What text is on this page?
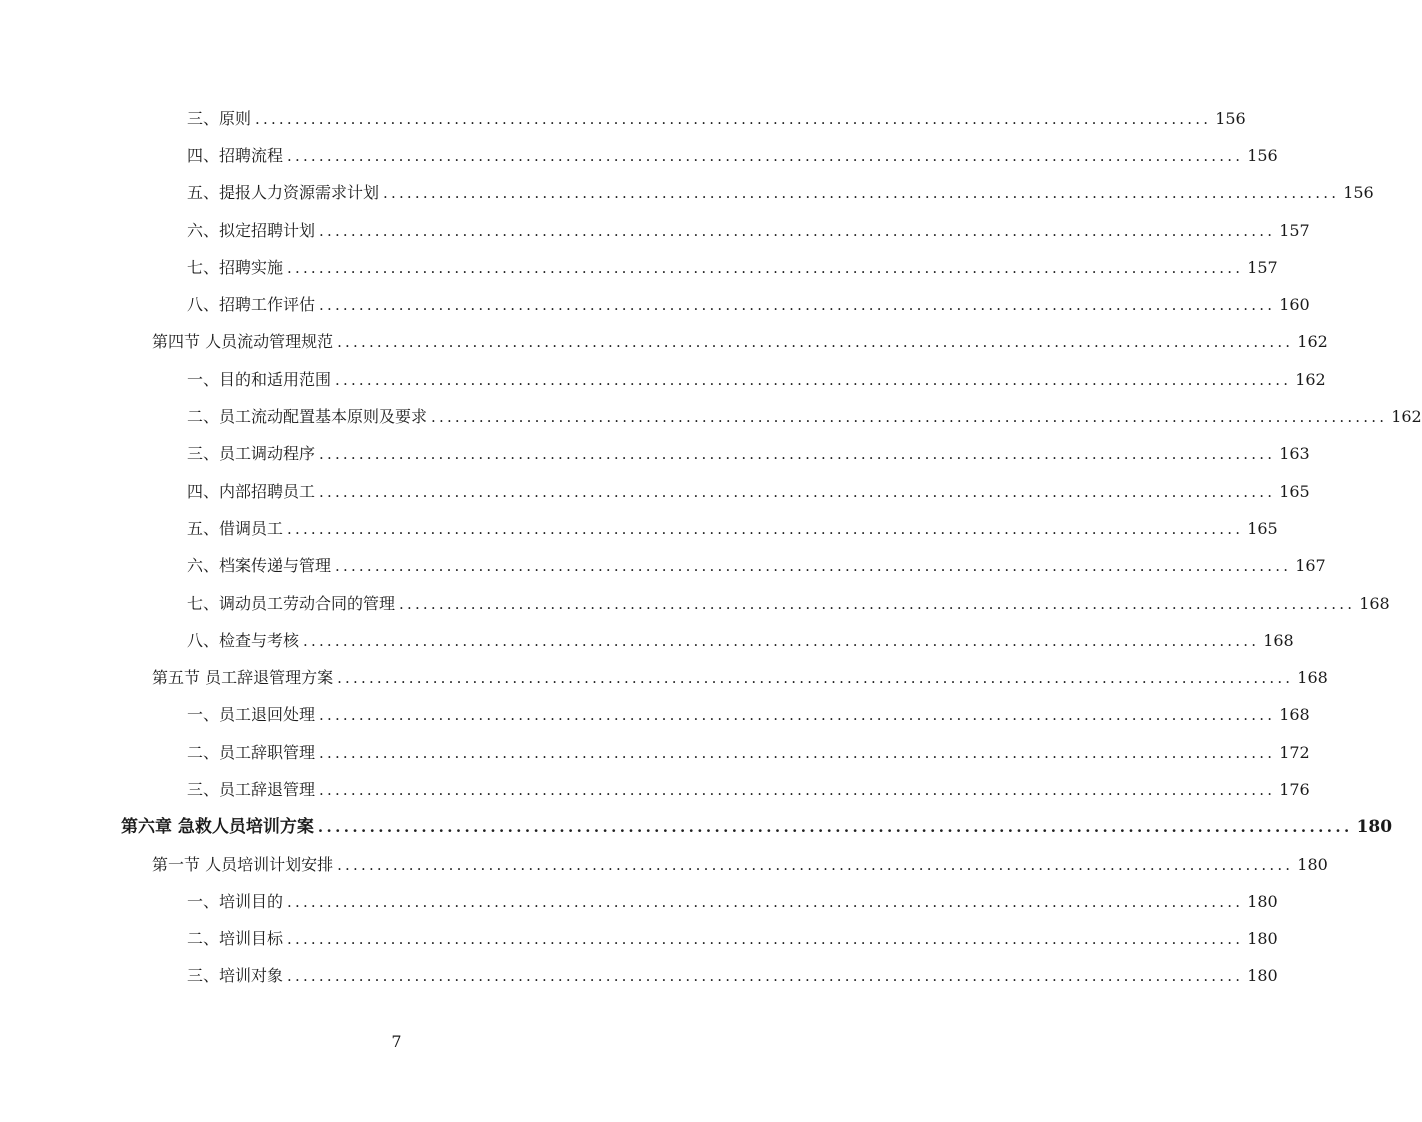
三、原则 ........................................................................................................................ 156
四、招聘流程 ........................................................................................................................ 156
五、提报人力资源需求计划 ........................................................................................................................ 156
六、拟定招聘计划 ........................................................................................................................ 157
七、招聘实施 ........................................................................................................................ 157
八、招聘工作评估 ........................................................................................................................ 160
第四节 人员流动管理规范 ........................................................................................................................ 162
一、目的和适用范围 ........................................................................................................................ 162
二、员工流动配置基本原则及要求 ........................................................................................................................ 162
三、员工调动程序 ........................................................................................................................ 163
四、内部招聘员工 ........................................................................................................................ 165
五、借调员工 ........................................................................................................................ 165
六、档案传递与管理 ........................................................................................................................ 167
七、调动员工劳动合同的管理 ........................................................................................................................ 168
八、检查与考核 ........................................................................................................................ 168
第五节 员工辞退管理方案 ........................................................................................................................ 168
一、员工退回处理 ........................................................................................................................ 168
二、员工辞职管理 ........................................................................................................................ 172
三、员工辞退管理 ........................................................................................................................ 176
第六章 急救人员培训方案 ........................................................................................................................ 180
第一节 人员培训计划安排 ........................................................................................................................ 180
一、培训目的 ........................................................................................................................ 180
二、培训目标 ........................................................................................................................ 180
三、培训对象 ........................................................................................................................ 180
7
